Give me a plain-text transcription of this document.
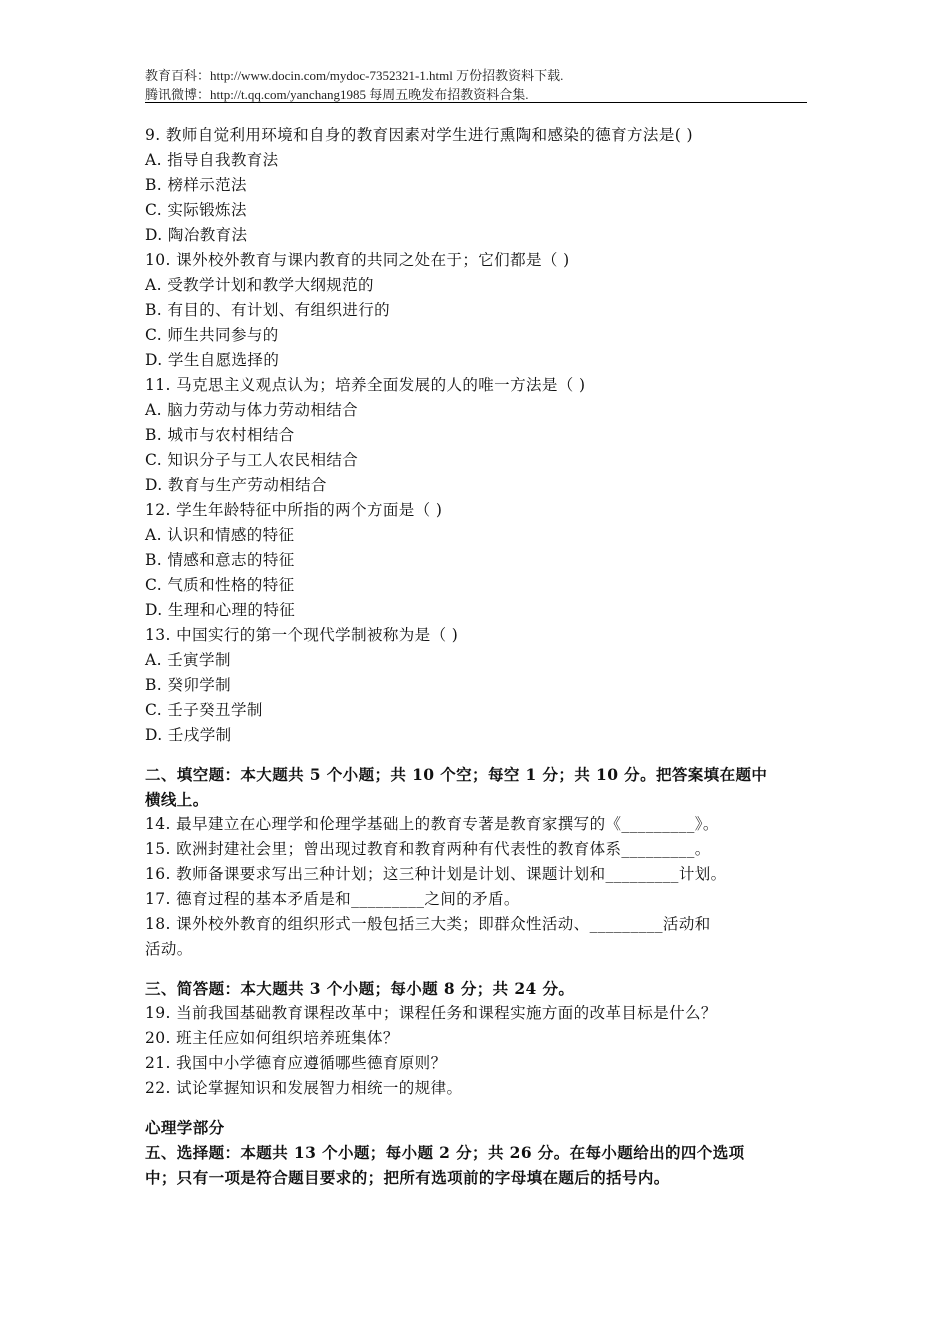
教育百科：http://www.docin.com/mydoc-7352321-1.html 万份招教资料下载.
腾讯微博：http://t.qq.com/yanchang1985 每周五晚发布招教资料合集.
9. 教师自觉利用环境和自身的教育因素对学生进行熏陶和感染的德育方法是( )
A. 指导自我教育法
B. 榜样示范法
C. 实际锻炼法
D. 陶冶教育法
10. 课外校外教育与课内教育的共同之处在于；它们都是（ )
A. 受教学计划和教学大纲规范的
B. 有目的、有计划、有组织进行的
C. 师生共同参与的
D. 学生自愿选择的
11. 马克思主义观点认为；培养全面发展的人的唯一方法是（ )
A. 脑力劳动与体力劳动相结合
B. 城市与农村相结合
C. 知识分子与工人农民相结合
D. 教育与生产劳动相结合
12. 学生年龄特征中所指的两个方面是（ )
A. 认识和情感的特征
B. 情感和意志的特征
C. 气质和性格的特征
D. 生理和心理的特征
13. 中国实行的第一个现代学制被称为是（ )
A. 壬寅学制
B. 癸卯学制
C. 壬子癸丑学制
D. 壬戌学制
二、填空题：本大题共 5 个小题；共 10 个空；每空 1 分；共 10 分。把答案填在题中
横线上。
14. 最早建立在心理学和伦理学基础上的教育专著是教育家撰写的《_________》。
15. 欧洲封建社会里；曾出现过教育和教育两种有代表性的教育体系_________。
16. 教师备课要求写出三种计划；这三种计划是计划、课题计划和_________计划。
17. 德育过程的基本矛盾是和_________之间的矛盾。
18. 课外校外教育的组织形式一般包括三大类；即群众性活动、_________活动和
活动。
三、简答题：本大题共 3 个小题；每小题 8 分；共 24 分。
19. 当前我国基础教育课程改革中；课程任务和课程实施方面的改革目标是什么？
20. 班主任应如何组织培养班集体？
21. 我国中小学德育应遵循哪些德育原则？
22. 试论掌握知识和发展智力相统一的规律。
心理学部分
五、选择题：本题共 13 个小题；每小题 2 分；共 26 分。在每小题给出的四个选项
中；只有一项是符合题目要求的；把所有选项前的字母填在题后的括号内。
